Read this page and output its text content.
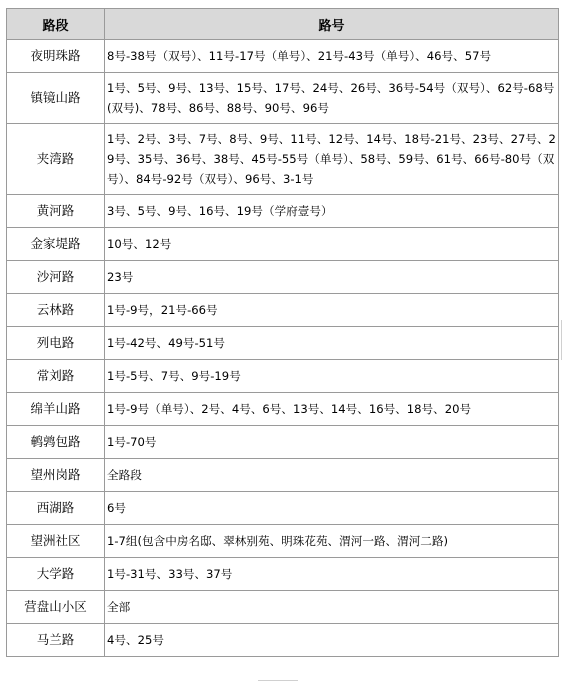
路段	路号
夜明珠路	8号-38号（双号）、11号-17号（单号）、21号-43号（单号）、46号、57号
镇镜山路	1号、5号、9号、13号、15号、17号、24号、26号、36号-54号（双号）、62号-68号(双号)、78号、86号、88号、90号、96号
夹湾路	1号、2号、3号、7号、8号、9号、11号、12号、14号、18号-21号、23号、27号、29号、35号、36号、38号、45号-55号（单号）、58号、59号、61号、66号-80号（双号）、84号-92号（双号）、96号、3-1号
黄河路	3号、5号、9号、16号、19号（学府壹号）
金家堤路	10号、12号
沙河路	23号
云林路	1号-9号，21号-66号
列电路	1号-42号、49号-51号
常刘路	1号-5号、7号、9号-19号
绵羊山路	1号-9号（单号）、2号、4号、6号、13号、14号、16号、18号、20号
鹌鹑包路	1号-70号
望州岗路	全路段
西湖路	6号
望洲社区	1-7组(包含中房名邸、翠林别苑、明珠花苑、渭河一路、渭河二路)
大学路	1号-31号、33号、37号
营盘山小区	全部
马兰路	4号、25号
